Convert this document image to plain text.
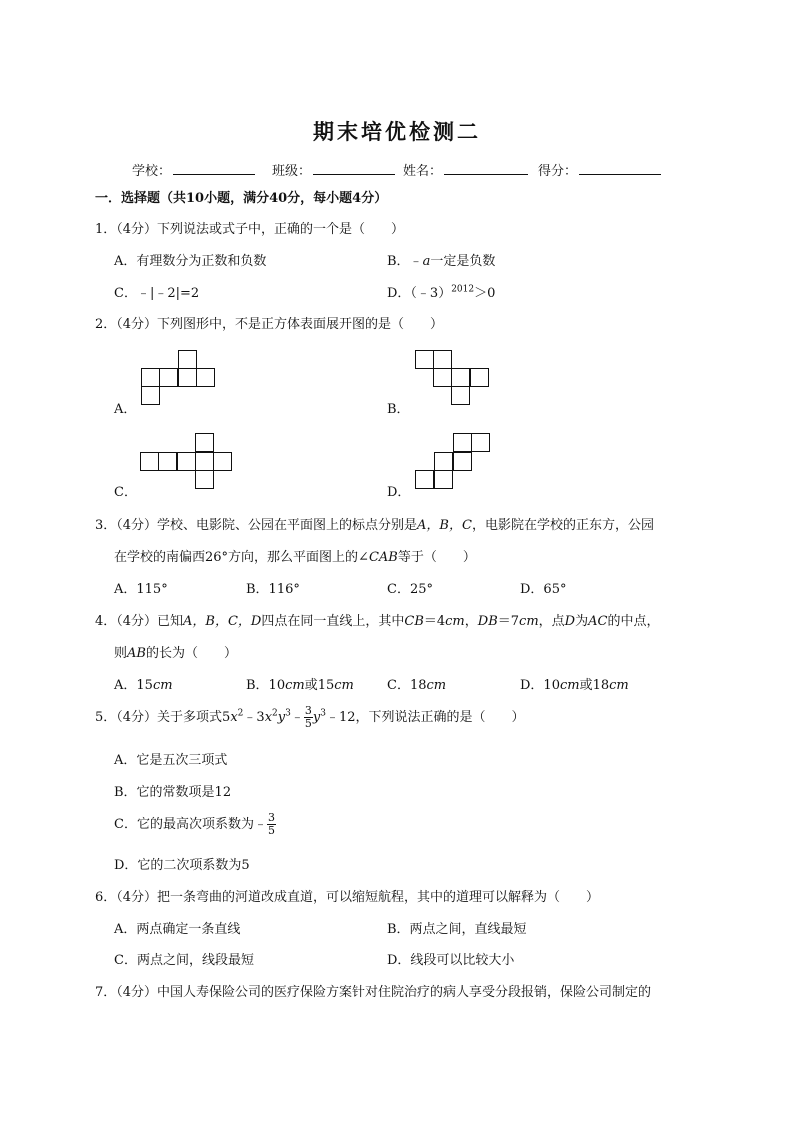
期末培优检测二
学校：	班级：	姓名：	得分：
一．选择题（共10小题，满分40分，每小题4分）
1．（4分）下列说法或式子中，正确的一个是（　　）
A．有理数分为正数和负数	B．﹣a一定是负数
C．﹣|﹣2|=2	D．（﹣3）$^{2012}$＞0
2．（4分）下列图形中，不是正方体表面展开图的是（　　）
A．	B．
C．	D．
3．（4分）学校、电影院、公园在平面图上的标点分别是A，B，C，电影院在学校的正东方，公园
在学校的南偏西26°方向，那么平面图上的∠CAB等于（　　）
A．115°	B．116°	C．25°	D．65°
4．（4分）已知A，B，C，D四点在同一直线上，其中CB＝4cm，DB＝7cm，点D为AC的中点，
则AB的长为（　　）
A．15cm	B．10cm或15cm	C．18cm	D．10cm或18cm
5．（4分）关于多项式$5x^2﹣3x^2y^3﹣ \frac{3}{5}$ $y^3﹣12$，下列说法正确的是（　　）
A．它是五次三项式
B．它的常数项是12
C．它的最高次项系数为﹣ $\frac{3}{5}$
D．它的二次项系数为5
6．（4分）把一条弯曲的河道改成直道，可以缩短航程，其中的道理可以解释为（　　）
A．两点确定一条直线	B．两点之间，直线最短
C．两点之间，线段最短	D．线段可以比较大小
7．（4分）中国人寿保险公司的医疗保险方案针对住院治疗的病人享受分段报销，保险公司制定的
